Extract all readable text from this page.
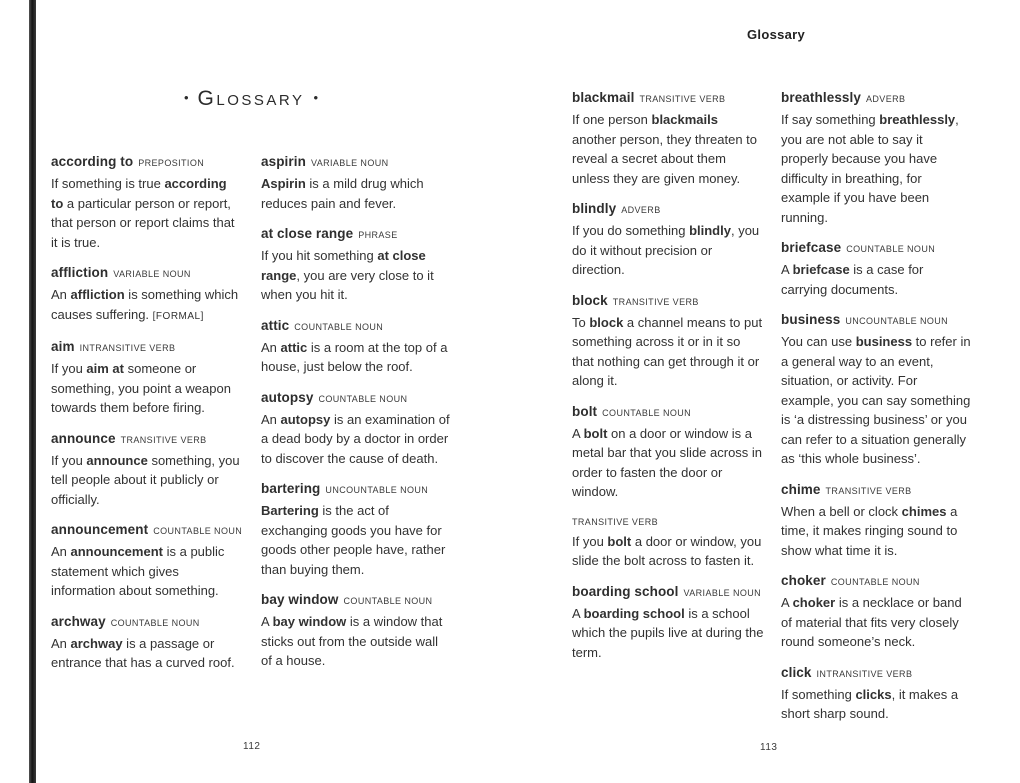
Glossary
• Glossary •
according to PREPOSITION

If something is true according to a particular person or report, that person or report claims that it is true.

affliction VARIABLE NOUN

An affliction is something which causes suffering. [FORMAL]

aim INTRANSITIVE VERB

If you aim at someone or something, you point a weapon towards them before firing.

announce TRANSITIVE VERB

If you announce something, you tell people about it publicly or officially.

announcement COUNTABLE NOUN

An announcement is a public statement which gives information about something.

archway COUNTABLE NOUN

An archway is a passage or entrance that has a curved roof.

aspirin VARIABLE NOUN

Aspirin is a mild drug which reduces pain and fever.

at close range PHRASE

If you hit something at close range, you are very close to it when you hit it.

attic COUNTABLE NOUN

An attic is a room at the top of a house, just below the roof.

autopsy COUNTABLE NOUN

An autopsy is an examination of a dead body by a doctor in order to discover the cause of death.

bartering UNCOUNTABLE NOUN

Bartering is the act of exchanging goods you have for goods other people have, rather than buying them.

bay window COUNTABLE NOUN

A bay window is a window that sticks out from the outside wall of a house.

blackmail TRANSITIVE VERB

If one person blackmails another person, they threaten to reveal a secret about them unless they are given money.

blindly ADVERB

If you do something blindly, you do it without precision or direction.

block TRANSITIVE VERB

To block a channel means to put something across it or in it so that nothing can get through it or along it.

bolt COUNTABLE NOUN

A bolt on a door or window is a metal bar that you slide across in order to fasten the door or window.

TRANSITIVE VERB

If you bolt a door or window, you slide the bolt across to fasten it.

boarding school VARIABLE NOUN

A boarding school is a school which the pupils live at during the term.

breathlessly ADVERB

If say something breathlessly, you are not able to say it properly because you have difficulty in breathing, for example if you have been running.

briefcase COUNTABLE NOUN

A briefcase is a case for carrying documents.

business UNCOUNTABLE NOUN

You can use business to refer in a general way to an event, situation, or activity. For example, you can say something is ‘a distressing business’ or you can refer to a situation generally as ‘this whole business’.

chime TRANSITIVE VERB

When a bell or clock chimes a time, it makes ringing sound to show what time it is.

choker COUNTABLE NOUN

A choker is a necklace or band of material that fits very closely round someone’s neck.

click INTRANSITIVE VERB

If something clicks, it makes a short sharp sound.

112	113
